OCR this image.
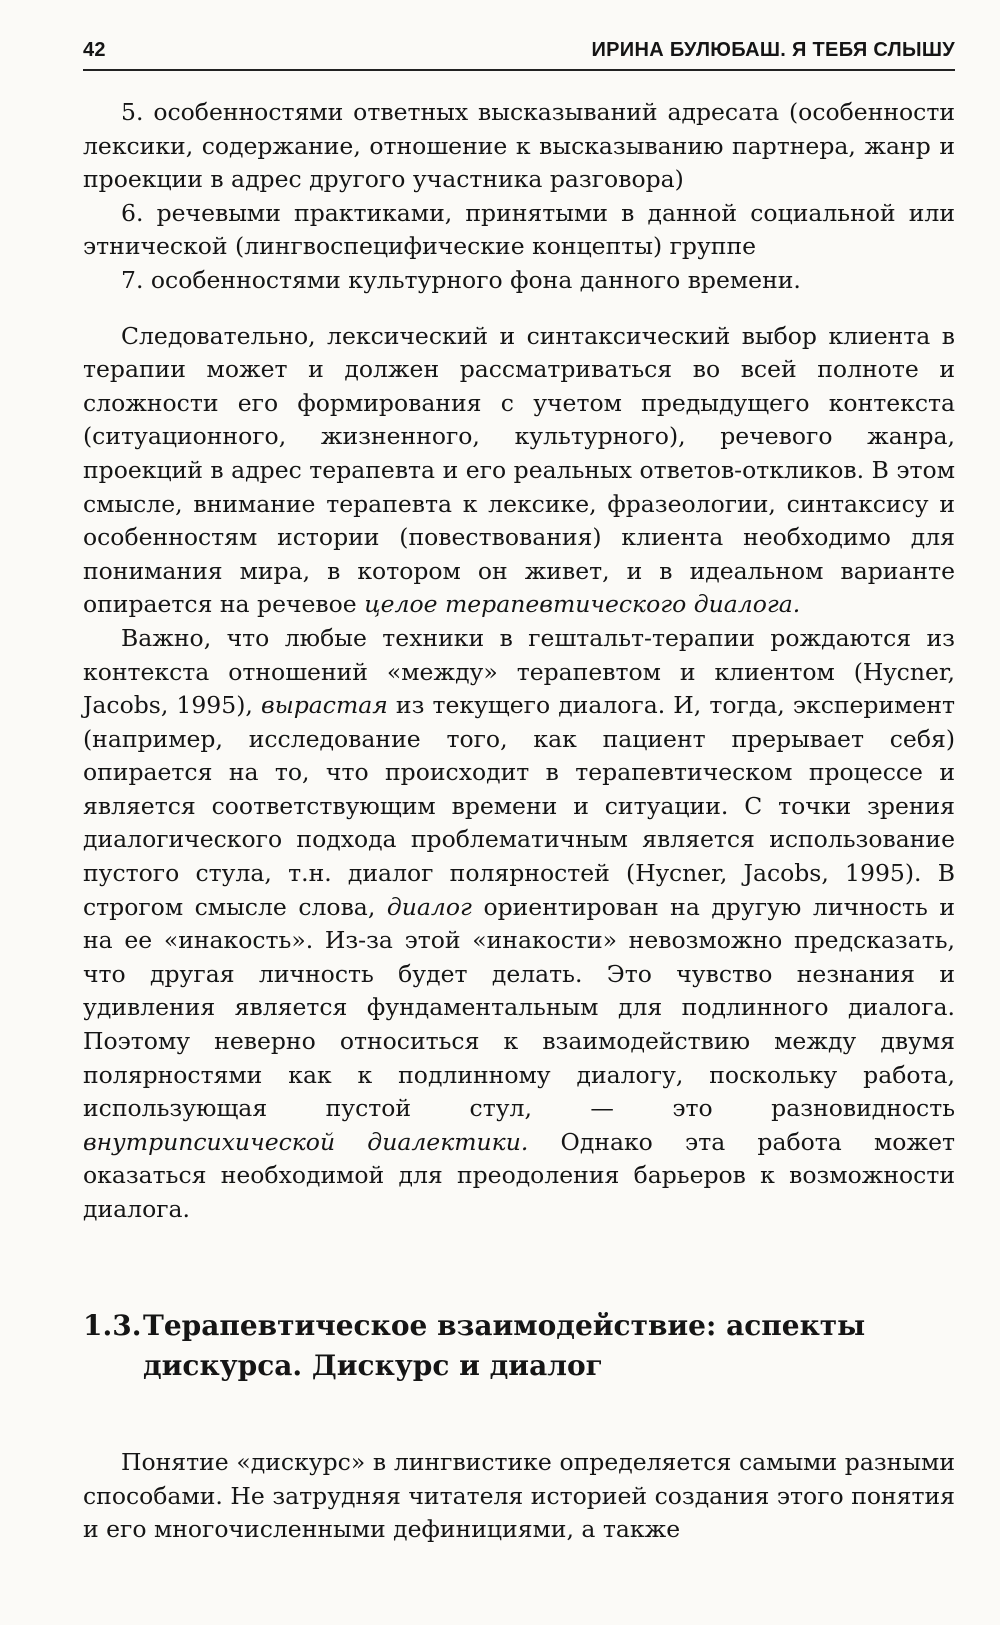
42	ИРИНА БУЛЮБАШ. Я ТЕБЯ СЛЫШУ

5. особенностями ответных высказываний адресата (особенности лексики, содержание, отношение к высказыванию партнера, жанр и проекции в адрес другого участника разговора)

6. речевыми практиками, принятыми в данной социальной или этнической (лингвоспецифические концепты) группе

7. особенностями культурного фона данного времени.

Следовательно, лексический и синтаксический выбор клиента в терапии может и должен рассматриваться во всей полноте и сложности его формирования с учетом предыдущего контекста (ситуационного, жизненного, культурного), речевого жанра, проекций в адрес терапевта и его реальных ответов-откликов. В этом смысле, внимание терапевта к лексике, фразеологии, синтаксису и особенностям истории (повествования) клиента необходимо для понимания мира, в котором он живет, и в идеальном варианте опирается на речевое целое терапевтического диалога.

Важно, что любые техники в гештальт-терапии рождаются из контекста отношений «между» терапевтом и клиентом (Hycner, Jacobs, 1995), вырастая из текущего диалога. И, тогда, эксперимент (например, исследование того, как пациент прерывает себя) опирается на то, что происходит в терапевтическом процессе и является соответствующим времени и ситуации. С точки зрения диалогического подхода проблематичным является использование пустого стула, т.н. диалог полярностей (Hycner, Jacobs, 1995). В строгом смысле слова, диалог ориентирован на другую личность и на ее «инакость». Из-за этой «инакости» невозможно предсказать, что другая личность будет делать. Это чувство незнания и удивления является фундаментальным для подлинного диалога. Поэтому неверно относиться к взаимодействию между двумя полярностями как к подлинному диалогу, поскольку работа, использующая пустой стул, — это разновидность внутрипсихической диалектики. Однако эта работа может оказаться необходимой для преодоления барьеров к возможности диалога.

1.3. Терапевтическое взаимодействие: аспекты дискурса. Дискурс и диалог

Понятие «дискурс» в лингвистике определяется самыми разными способами. Не затрудняя читателя историей создания этого понятия и его многочисленными дефинициями, а также
